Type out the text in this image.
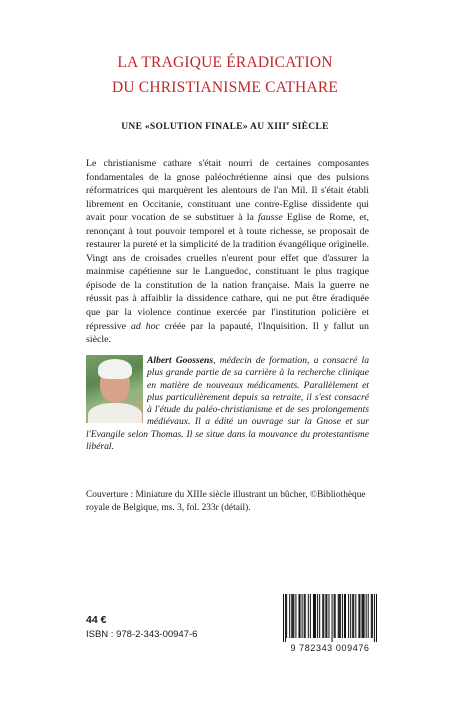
LA TRAGIQUE ÉRADICATION
DU CHRISTIANISME CATHARE
UNE «SOLUTION FINALE» AU XIIIe SIÈCLE
Le christianisme cathare s'était nourri de certaines composantes fondamentales de la gnose paléochrétienne ainsi que des pulsions réformatrices qui marquèrent les alentours de l'an Mil. Il s'était établi librement en Occitanie, constituant une contre-Eglise dissidente qui avait pour vocation de se substituer à la fausse Eglise de Rome, et, renonçant à tout pouvoir temporel et à toute richesse, se proposait de restaurer la pureté et la simplicité de la tradition évangélique originelle. Vingt ans de croisades cruelles n'eurent pour effet que d'assurer la mainmise capétienne sur le Languedoc, constituant le plus tragique épisode de la constitution de la nation française. Mais la guerre ne réussit pas à affaiblir la dissidence cathare, qui ne put être éradiquée que par la violence continue exercée par l'institution policière et répressive ad hoc créée par la papauté, l'Inquisition. Il y fallut un siècle.
Albert Goossens, médecin de formation, a consacré la plus grande partie de sa carrière à la recherche clinique en matière de nouveaux médicaments. Parallèlement et plus particulièrement depuis sa retraite, il s'est consacré à l'étude du paléo-christianisme et de ses prolongements médiévaux. Il a édité un ouvrage sur la Gnose et sur l'Evangile selon Thomas. Il se situe dans la mouvance du protestantisme libéral.
Couverture : Miniature du XIIIe siècle illustrant un bûcher, ©Bibliothèque royale de Belgique, ms. 3, fol. 233r (détail).
44 €
ISBN : 978-2-343-00947-6
9 782343 009476
